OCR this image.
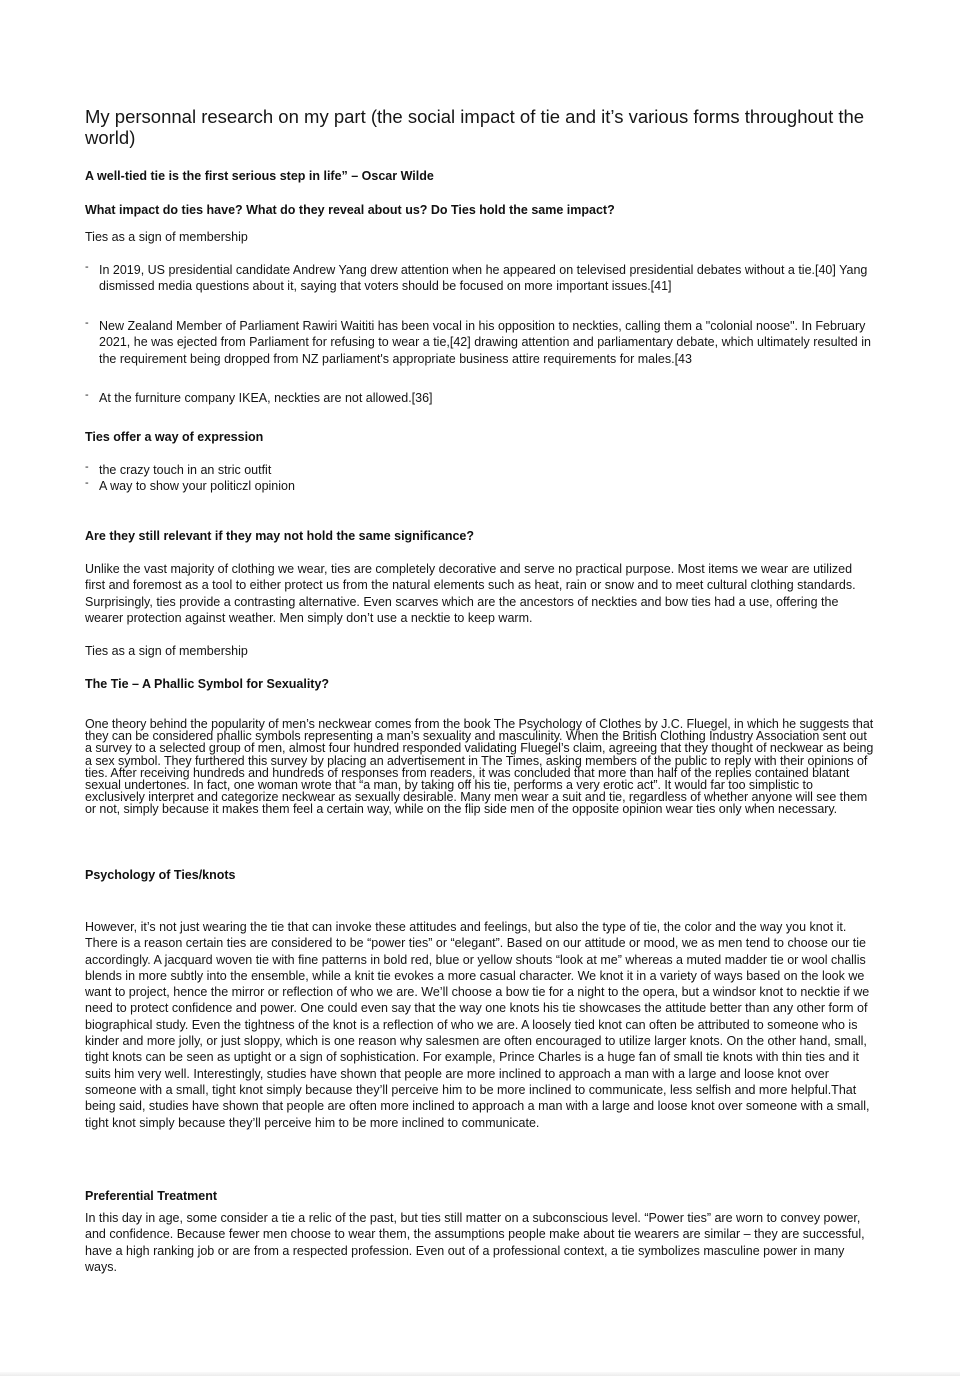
My personnal research on my part (the social impact of tie and it’s various forms throughout the world)

A well-tied tie is the first serious step in life” – Oscar Wilde

What impact do ties have? What do they reveal about us? Do Ties hold the same impact?

Ties as a sign of membership

- In 2019, US presidential candidate Andrew Yang drew attention when he appeared on televised presidential debates without a tie.[40] Yang dismissed media questions about it, saying that voters should be focused on more important issues.[41]
- New Zealand Member of Parliament Rawiri Waititi has been vocal in his opposition to neckties, calling them a "colonial noose". In February 2021, he was ejected from Parliament for refusing to wear a tie,[42] drawing attention and parliamentary debate, which ultimately resulted in the requirement being dropped from NZ parliament's appropriate business attire requirements for males.[43
- At the furniture company IKEA, neckties are not allowed.[36]

Ties offer a way of expression

- the crazy touch in an stric outfit
- A way to show your politiczl opinion

Are they still relevant if they may not hold the same significance?

Unlike the vast majority of clothing we wear, ties are completely decorative and serve no practical purpose. Most items we wear are utilized first and foremost as a tool to either protect us from the natural elements such as heat, rain or snow and to meet cultural clothing standards. Surprisingly, ties provide a contrasting alternative. Even scarves which are the ancestors of neckties and bow ties had a use, offering the wearer protection against weather. Men simply don’t use a necktie to keep warm.

Ties as a sign of membership

The Tie – A Phallic Symbol for Sexuality?

One theory behind the popularity of men’s neckwear comes from the book The Psychology of Clothes by J.C. Fluegel, in which he suggests that they can be considered phallic symbols representing a man’s sexuality and masculinity. When the British Clothing Industry Association sent out a survey to a selected group of men, almost four hundred responded validating Fluegel’s claim, agreeing that they thought of neckwear as being a sex symbol. They furthered this survey by placing an advertisement in The Times, asking members of the public to reply with their opinions of ties. After receiving hundreds and hundreds of responses from readers, it was concluded that more than half of the replies contained blatant sexual undertones. In fact, one woman wrote that “a man, by taking off his tie, performs a very erotic act”. It would far too simplistic to exclusively interpret and categorize neckwear as sexually desirable. Many men wear a suit and tie, regardless of whether anyone will see them or not, simply because it makes them feel a certain way, while on the flip side men of the opposite opinion wear ties only when necessary.

Psychology of Ties/knots

However, it’s not just wearing the tie that can invoke these attitudes and feelings, but also the type of tie, the color and the way you knot it. There is a reason certain ties are considered to be “power ties” or “elegant”. Based on our attitude or mood, we as men tend to choose our tie accordingly. A jacquard woven tie with fine patterns in bold red, blue or yellow shouts “look at me” whereas a muted madder tie or wool challis blends in more subtly into the ensemble, while a knit tie evokes a more casual character. We knot it in a variety of ways based on the look we want to project, hence the mirror or reflection of who we are. We’ll choose a bow tie for a night to the opera, but a windsor knot to necktie if we need to protect confidence and power. One could even say that the way one knots his tie showcases the attitude better than any other form of biographical study. Even the tightness of the knot is a reflection of who we are. A loosely tied knot can often be attributed to someone who is kinder and more jolly, or just sloppy, which is one reason why salesmen are often encouraged to utilize larger knots. On the other hand, small, tight knots can be seen as uptight or a sign of sophistication. For example, Prince Charles is a huge fan of small tie knots with thin ties and it suits him very well. Interestingly, studies have shown that people are more inclined to approach a man with a large and loose knot over someone with a small, tight knot simply because they’ll perceive him to be more inclined to communicate, less selfish and more helpful.That being said, studies have shown that people are often more inclined to approach a man with a large and loose knot over someone with a small, tight knot simply because they’ll perceive him to be more inclined to communicate.

Preferential Treatment

In this day in age, some consider a tie a relic of the past, but ties still matter on a subconscious level. “Power ties” are worn to convey power, and confidence. Because fewer men choose to wear them, the assumptions people make about tie wearers are similar – they are successful, have a high ranking job or are from a respected profession. Even out of a professional context, a tie symbolizes masculine power in many ways.
